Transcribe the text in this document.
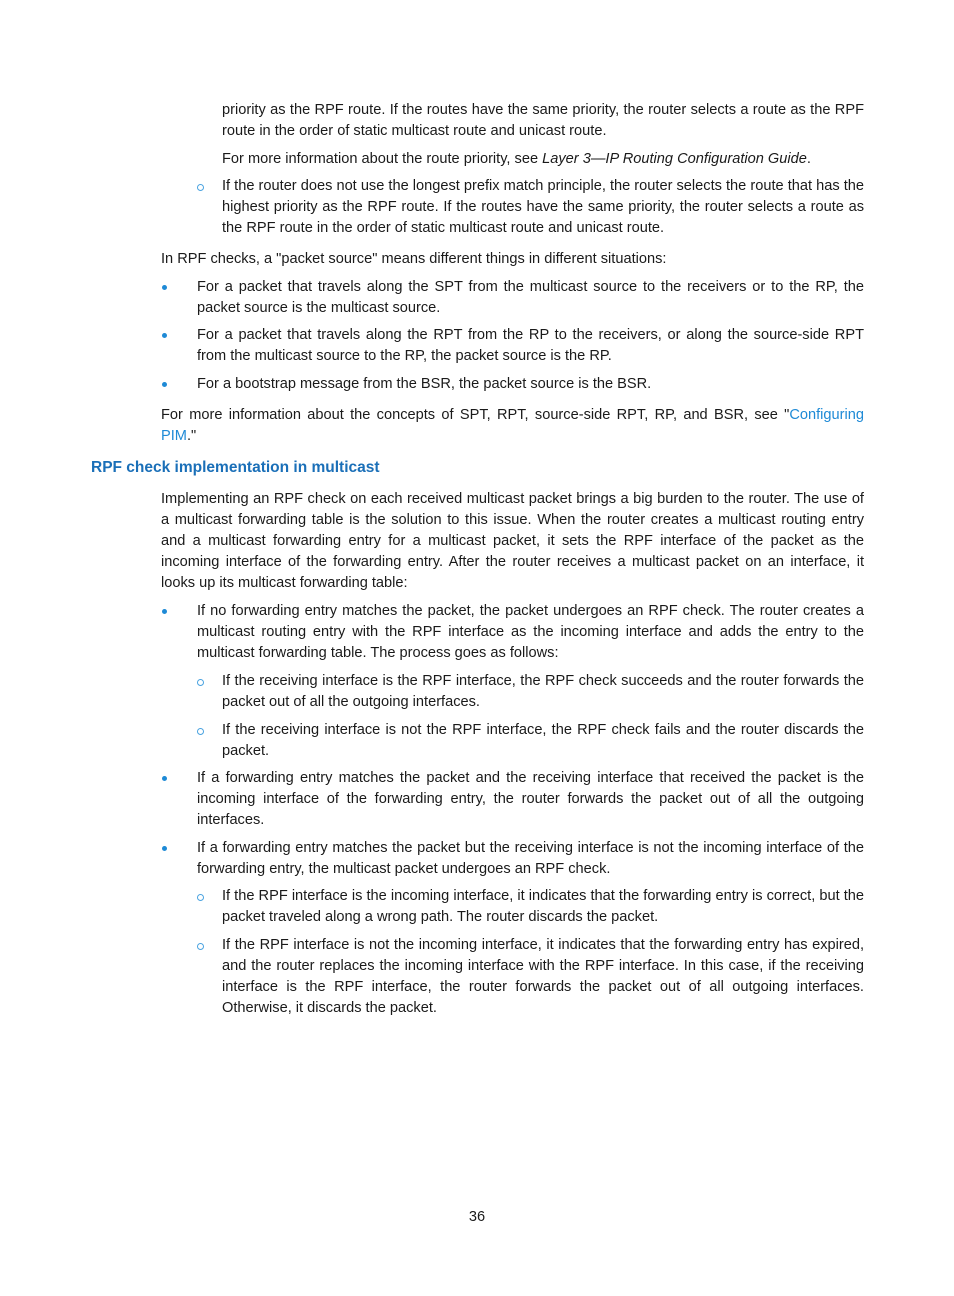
priority as the RPF route. If the routes have the same priority, the router selects a route as the RPF route in the order of static multicast route and unicast route.

For more information about the route priority, see Layer 3—IP Routing Configuration Guide.

If the router does not use the longest prefix match principle, the router selects the route that has the highest priority as the RPF route. If the routes have the same priority, the router selects a route as the RPF route in the order of static multicast route and unicast route.

In RPF checks, a "packet source" means different things in different situations:

For a packet that travels along the SPT from the multicast source to the receivers or to the RP, the packet source is the multicast source.

For a packet that travels along the RPT from the RP to the receivers, or along the source-side RPT from the multicast source to the RP, the packet source is the RP.

For a bootstrap message from the BSR, the packet source is the BSR.

For more information about the concepts of SPT, RPT, source-side RPT, RP, and BSR, see "Configuring PIM."

RPF check implementation in multicast

Implementing an RPF check on each received multicast packet brings a big burden to the router. The use of a multicast forwarding table is the solution to this issue. When the router creates a multicast routing entry and a multicast forwarding entry for a multicast packet, it sets the RPF interface of the packet as the incoming interface of the forwarding entry. After the router receives a multicast packet on an interface, it looks up its multicast forwarding table:

If no forwarding entry matches the packet, the packet undergoes an RPF check. The router creates a multicast routing entry with the RPF interface as the incoming interface and adds the entry to the multicast forwarding table. The process goes as follows:

If the receiving interface is the RPF interface, the RPF check succeeds and the router forwards the packet out of all the outgoing interfaces.

If the receiving interface is not the RPF interface, the RPF check fails and the router discards the packet.

If a forwarding entry matches the packet and the receiving interface that received the packet is the incoming interface of the forwarding entry, the router forwards the packet out of all the outgoing interfaces.

If a forwarding entry matches the packet but the receiving interface is not the incoming interface of the forwarding entry, the multicast packet undergoes an RPF check.

If the RPF interface is the incoming interface, it indicates that the forwarding entry is correct, but the packet traveled along a wrong path. The router discards the packet.

If the RPF interface is not the incoming interface, it indicates that the forwarding entry has expired, and the router replaces the incoming interface with the RPF interface. In this case, if the receiving interface is the RPF interface, the router forwards the packet out of all outgoing interfaces. Otherwise, it discards the packet.

36
